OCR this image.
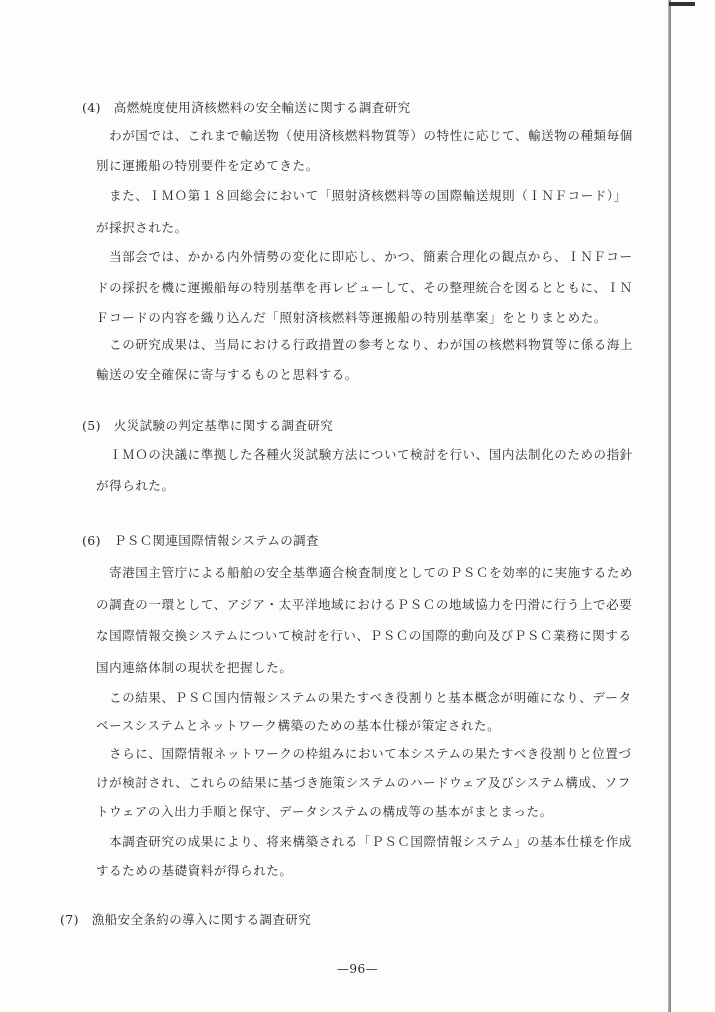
(4)　高燃焼度使用済核燃料の安全輸送に関する調査研究
　わが国では、これまで輸送物（使用済核燃料物質等）の特性に応じて、輸送物の種類毎個
別に運搬船の特別要件を定めてきた。
　また、ＩＭＯ第１８回総会において「照射済核燃料等の国際輸送規則（ＩＮＦコード）」
が採択された。
　当部会では、かかる内外情勢の変化に即応し、かつ、簡素合理化の観点から、ＩＮＦコー
ドの採択を機に運搬船毎の特別基準を再レビューして、その整理統合を図るとともに、ＩＮ
Ｆコードの内容を織り込んだ「照射済核燃料等運搬船の特別基準案」をとりまとめた。
　この研究成果は、当局における行政措置の参考となり、わが国の核燃料物質等に係る海上
輸送の安全確保に寄与するものと思料する。
(5)　火災試験の判定基準に関する調査研究
　ＩＭＯの決議に準拠した各種火災試験方法について検討を行い、国内法制化のための指針
が得られた。
(6)　ＰＳＣ関連国際情報システムの調査
　寄港国主管庁による船舶の安全基準適合検査制度としてのＰＳＣを効率的に実施するため
の調査の一環として、アジア・太平洋地域におけるＰＳＣの地域協力を円滑に行う上で必要
な国際情報交換システムについて検討を行い、ＰＳＣの国際的動向及びＰＳＣ業務に関する
国内連絡体制の現状を把握した。
　この結果、ＰＳＣ国内情報システムの果たすべき役割りと基本概念が明確になり、データ
ベースシステムとネットワーク構築のための基本仕様が策定された。
　さらに、国際情報ネットワークの枠組みにおいて本システムの果たすべき役割りと位置づ
けが検討され、これらの結果に基づき施策システムのハードウェア及びシステム構成、ソフ
トウェアの入出力手順と保守、データシステムの構成等の基本がまとまった。
　本調査研究の成果により、将来構築される「ＰＳＣ国際情報システム」の基本仕様を作成
するための基礎資料が得られた。
(7)　漁船安全条約の導入に関する調査研究
—96—
